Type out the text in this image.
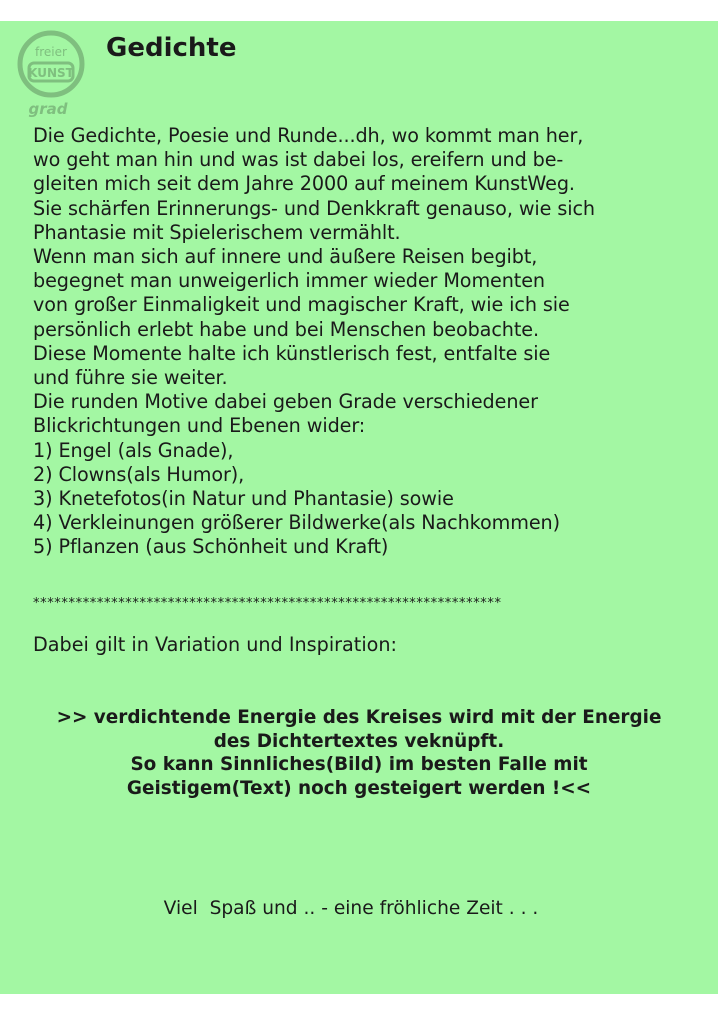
freier
KUNST
grad
Gedichte
Die Gedichte, Poesie und Runde...dh, wo kommt man her,
wo geht man hin und was ist dabei los, ereifern und be-
gleiten mich seit dem Jahre 2000 auf meinem KunstWeg.
Sie schärfen Erinnerungs- und Denkkraft genauso, wie sich
Phantasie mit Spielerischem vermählt.
Wenn man sich auf innere und äußere Reisen begibt,
begegnet man unweigerlich immer wieder Momenten
von großer Einmaligkeit und magischer Kraft, wie ich sie
persönlich erlebt habe und bei Menschen beobachte.
Diese Momente halte ich künstlerisch fest, entfalte sie
und führe sie weiter.
Die runden Motive dabei geben Grade verschiedener
Blickrichtungen und Ebenen wider:
1) Engel (als Gnade),
2) Clowns(als Humor),
3) Knetefotos(in Natur und Phantasie) sowie
4) Verkleinungen größerer Bildwerke(als Nachkommen)
5) Pflanzen (aus Schönheit und Kraft)
******************************************************************
Dabei gilt in Variation und Inspiration:
>> verdichtende Energie des Kreises wird mit der Energie
des Dichtertextes veknüpft.
So kann Sinnliches(Bild) im besten Falle mit
Geistigem(Text) noch gesteigert werden !<<
Viel  Spaß und .. - eine fröhliche Zeit . . .
